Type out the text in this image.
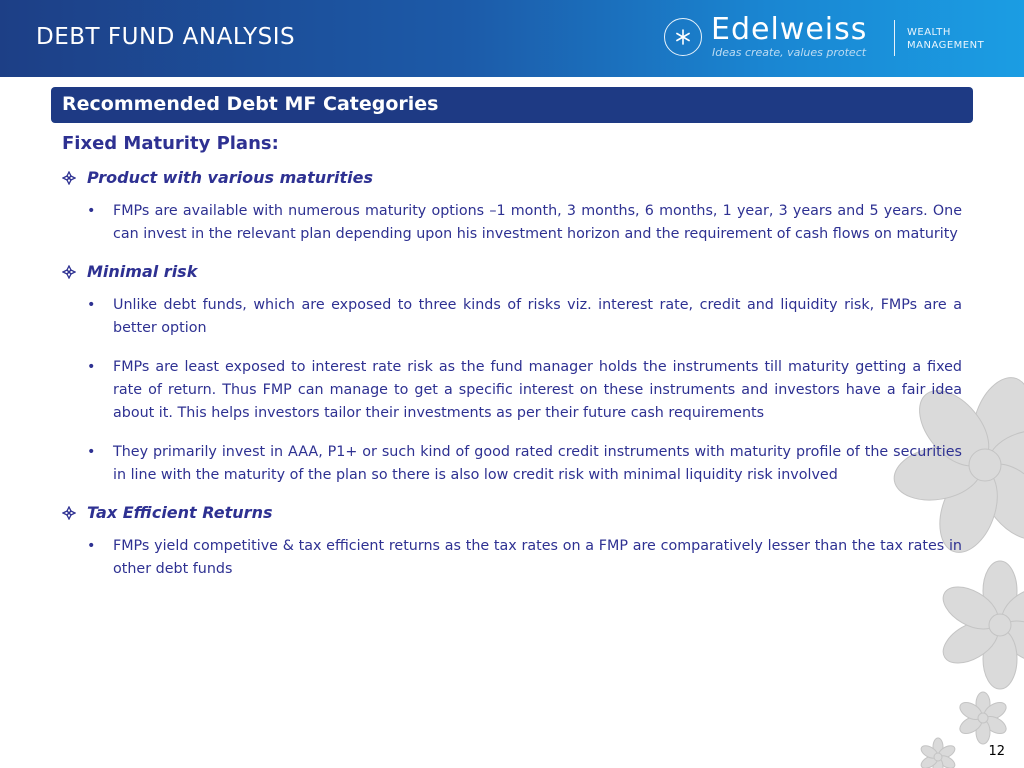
DEBT FUND ANALYSIS	Edelweiss
Ideas create, values protect
WEALTH
MANAGEMENT
Recommended Debt MF Categories
Fixed Maturity Plans:
Product with various maturities
• FMPs are available with numerous maturity options –1 month, 3 months, 6 months, 1 year, 3 years and 5 years. One can invest in the relevant plan depending upon his investment horizon and the requirement of cash flows on maturity
Minimal risk
• Unlike debt funds, which are exposed to three kinds of risks viz. interest rate, credit and liquidity risk, FMPs are a better option
• FMPs are least exposed to interest rate risk as the fund manager holds the instruments till maturity getting a fixed rate of return. Thus FMP can manage to get a specific interest on these instruments and investors have a fair idea about it. This helps investors tailor their investments as per their future cash requirements
• They primarily invest in AAA, P1+ or such kind of good rated credit instruments with maturity profile of the securities in line with the maturity of the plan so there is also low credit risk with minimal liquidity risk involved
Tax Efficient Returns
• FMPs yield competitive & tax efficient returns as the tax rates on a FMP are comparatively lesser than the tax rates in other debt funds
12
